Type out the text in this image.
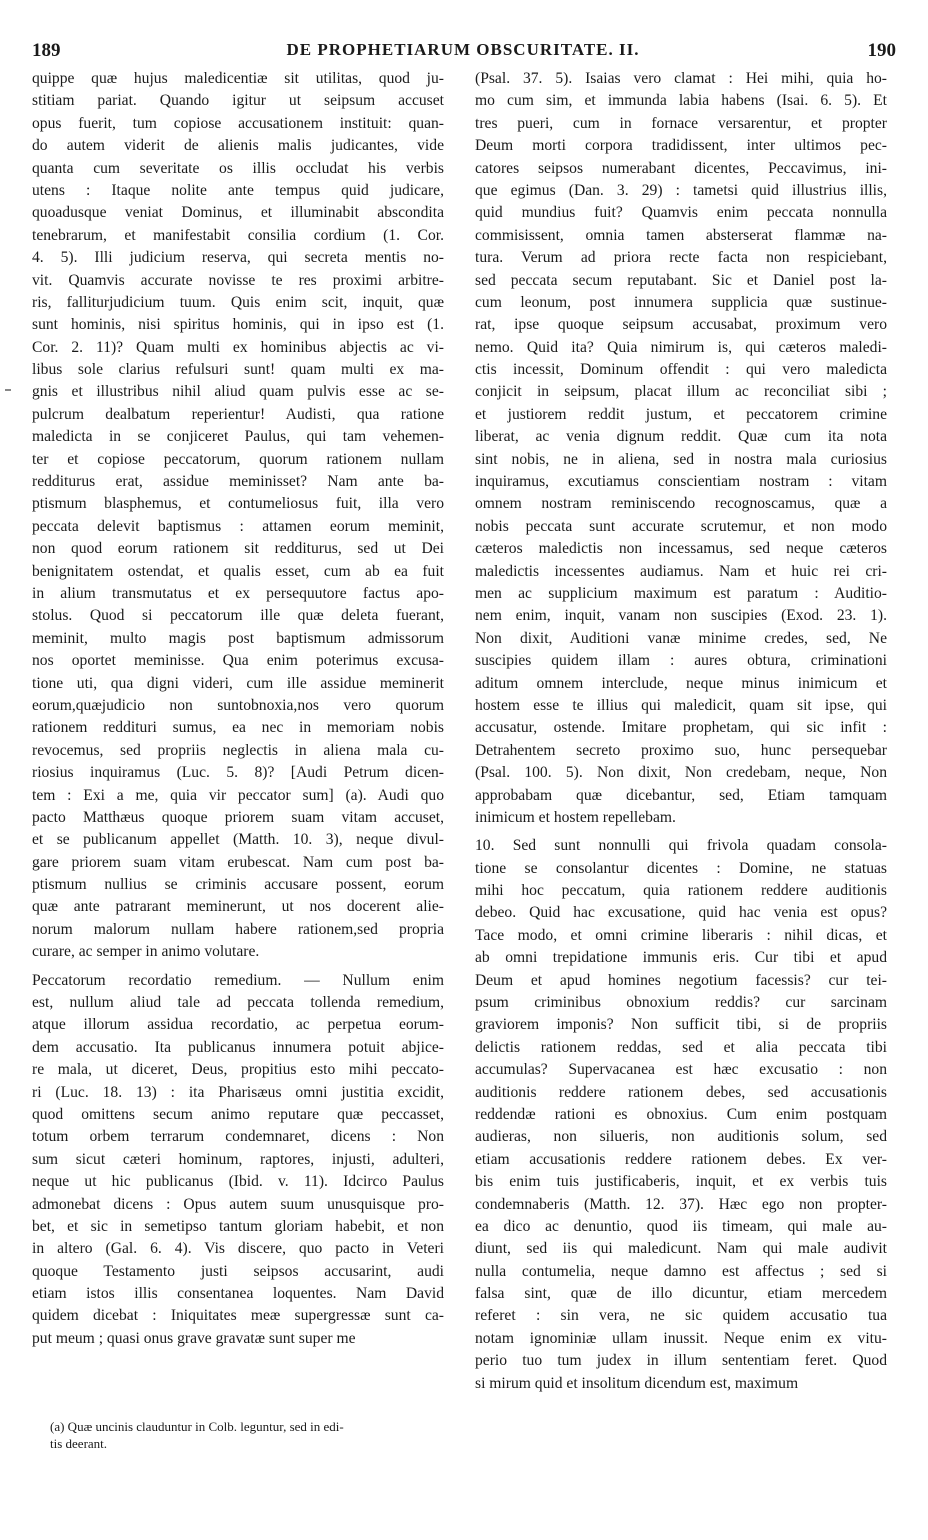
189	DE PROPHETIARUM OBSCURITATE. II.	190

quippe quæ hujus maledicentiæ sit utilitas, quod ju-
stitiam pariat. Quando igitur ut seipsum accuset
opus fuerit, tum copiose accusationem instituit: quan-
do autem viderit de alienis malis judicantes, vide
quanta cum severitate os illis occludat his verbis
utens : Itaque nolite ante tempus quid judicare,
quoadusque veniat Dominus, et illuminabit abscondita
tenebrarum, et manifestabit consilia cordium (1. Cor.
4. 5). Illi judicium reserva, qui secreta mentis no-
vit. Quamvis accurate novisse te res proximi arbitre-
ris, falliturjudicium tuum. Quis enim scit, inquit, quæ
sunt hominis, nisi spiritus hominis, qui in ipso est (1.
Cor. 2. 11)? Quam multi ex hominibus abjectis ac vi-
libus sole clarius refulsuri sunt! quam multi ex ma-
gnis et illustribus nihil aliud quam pulvis esse ac se-
pulcrum dealbatum reperientur! Audisti, qua ratione
maledicta in se conjiceret Paulus, qui tam vehemen-
ter et copiose peccatorum, quorum rationem nullam
redditurus erat, assidue meminisset? Nam ante ba-
ptismum blasphemus, et contumeliosus fuit, illa vero
peccata delevit baptismus : attamen eorum meminit,
non quod eorum rationem sit redditurus, sed ut Dei
benignitatem ostendat, et qualis esset, cum ab ea fuit
in alium transmutatus et ex persequutore factus apo-
stolus. Quod si peccatorum ille quæ deleta fuerant,
meminit, multo magis post baptismum admissorum
nos oportet meminisse. Qua enim poterimus excusa-
tione uti, qua digni videri, cum ille assidue meminerit
eorum,quæjudicio non suntobnoxia,nos vero quorum
rationem reddituri sumus, ea nec in memoriam nobis
revocemus, sed propriis neglectis in aliena mala cu-
riosius inquiramus (Luc. 5. 8)? [Audi Petrum dicen-
tem : Exi a me, quia vir peccator sum] (a). Audi quo
pacto Matthæus quoque priorem suam vitam accuset,
et se publicanum appellet (Matth. 10. 3), neque divul-
gare priorem suam vitam erubescat. Nam cum post ba-
ptismum nullius se criminis accusare possent, eorum
quæ ante patrarant meminerunt, ut nos docerent alie-
norum malorum nullam habere rationem,sed propria
curare, ac semper in animo volutare.

Peccatorum recordatio remedium. — Nullum enim
est, nullum aliud tale ad peccata tollenda remedium,
atque illorum assidua recordatio, ac perpetua eorum-
dem accusatio. Ita publicanus innumera potuit abjice-
re mala, ut diceret, Deus, propitius esto mihi peccato-
ri (Luc. 18. 13) : ita Pharisæus omni justitia excidit,
quod omittens secum animo reputare quæ peccasset,
totum orbem terrarum condemnaret, dicens : Non
sum sicut cæteri hominum, raptores, injusti, adulteri,
neque ut hic publicanus (Ibid. v. 11). Idcirco Paulus
admonebat dicens : Opus autem suum unusquisque pro-
bet, et sic in semetipso tantum gloriam habebit, et non
in altero (Gal. 6. 4). Vis discere, quo pacto in Veteri
quoque Testamento justi seipsos accusarint, audi
etiam istos illis consentanea loquentes. Nam David
quidem dicebat : Iniquitates meæ supergressæ sunt ca-
put meum ; quasi onus grave gravatæ sunt super me

(Psal. 37. 5). Isaias vero clamat : Hei mihi, quia ho-
mo cum sim, et immunda labia habens (Isai. 6. 5). Et
tres pueri, cum in fornace versarentur, et propter
Deum morti corpora tradidissent, inter ultimos pec-
catores seipsos numerabant dicentes, Peccavimus, ini-
que egimus (Dan. 3. 29) : tametsi quid illustrius illis,
quid mundius fuit? Quamvis enim peccata nonnulla
commisissent, omnia tamen absterserat flammæ na-
tura. Verum ad priora recte facta non respiciebant,
sed peccata secum reputabant. Sic et Daniel post la-
cum leonum, post innumera supplicia quæ sustinue-
rat, ipse quoque seipsum accusabat, proximum vero
nemo. Quid ita? Quia nimirum is, qui cæteros maledi-
ctis incessit, Dominum offendit : qui vero maledicta
conjicit in seipsum, placat illum ac reconciliat sibi ;
et justiorem reddit justum, et peccatorem crimine
liberat, ac venia dignum reddit. Quæ cum ita nota
sint nobis, ne in aliena, sed in nostra mala curiosius
inquiramus, excutiamus conscientiam nostram : vitam
omnem nostram reminiscendo recognoscamus, quæ a
nobis peccata sunt accurate scrutemur, et non modo
cæteros maledictis non incessamus, sed neque cæteros
maledictis incessentes audiamus. Nam et huic rei cri-
men ac supplicium maximum est paratum : Auditio-
nem enim, inquit, vanam non suscipies (Exod. 23. 1).
Non dixit, Auditioni vanæ minime credes, sed, Ne
suscipies quidem illam : aures obtura, criminationi
aditum omnem intercludе, neque minus inimicum et
hostem esse te illius qui maledicit, quam sit ipse, qui
accusatur, ostende. Imitare prophetam, qui sic infit :
Detrahentem secreto proximo suo, hunc persequebar
(Psal. 100. 5). Non dixit, Non credebam, neque, Non
approbabam quæ dicebantur, sed, Etiam tamquam
inimicum et hostem repellebam.

10. Sed sunt nonnulli qui frivola quadam consola-
tione se consolantur dicentes : Domine, ne statuas
mihi hoc peccatum, quia rationem reddere auditionis
debeo. Quid hac excusatione, quid hac venia est opus?
Tace modo, et omni crimine liberaris : nihil dicas, et
ab omni trepidatione immunis eris. Cur tibi et apud
Deum et apud homines negotium facessis? cur tei-
psum criminibus obnoxium reddis? cur sarcinam
graviorem imponis? Non sufficit tibi, si de propriis
delictis rationem reddas, sed et alia peccata tibi
accumulas? Supervacanea est hæc excusatio : non
auditionis reddere rationem debes, sed accusationis
reddendæ rationi es obnoxius. Cum enim postquam
audieras, non silueris, non auditionis solum, sed
etiam accusationis reddere rationem debes. Ex ver-
bis enim tuis justificaberis, inquit, et ex verbis tuis
condemnaberis (Matth. 12. 37). Hæc ego non propter-
ea dico ac denuntio, quod iis timeam, qui male au-
diunt, sed iis qui maledicunt. Nam qui male audivit
nulla contumelia, neque damno est affectus ; sed si
falsa sint, quæ de illo dicuntur, etiam mercedem
referet : sin vera, ne sic quidem accusatio tua
notam ignominiæ ullam inussit. Neque enim ex vitu-
perio tuo tum judex in illum sententiam feret. Quod
si mirum quid et insolitum dicendum est, maximum

(a) Quæ uncinis clauduntur in Colb. leguntur, sed in edi-
tis deerant.
